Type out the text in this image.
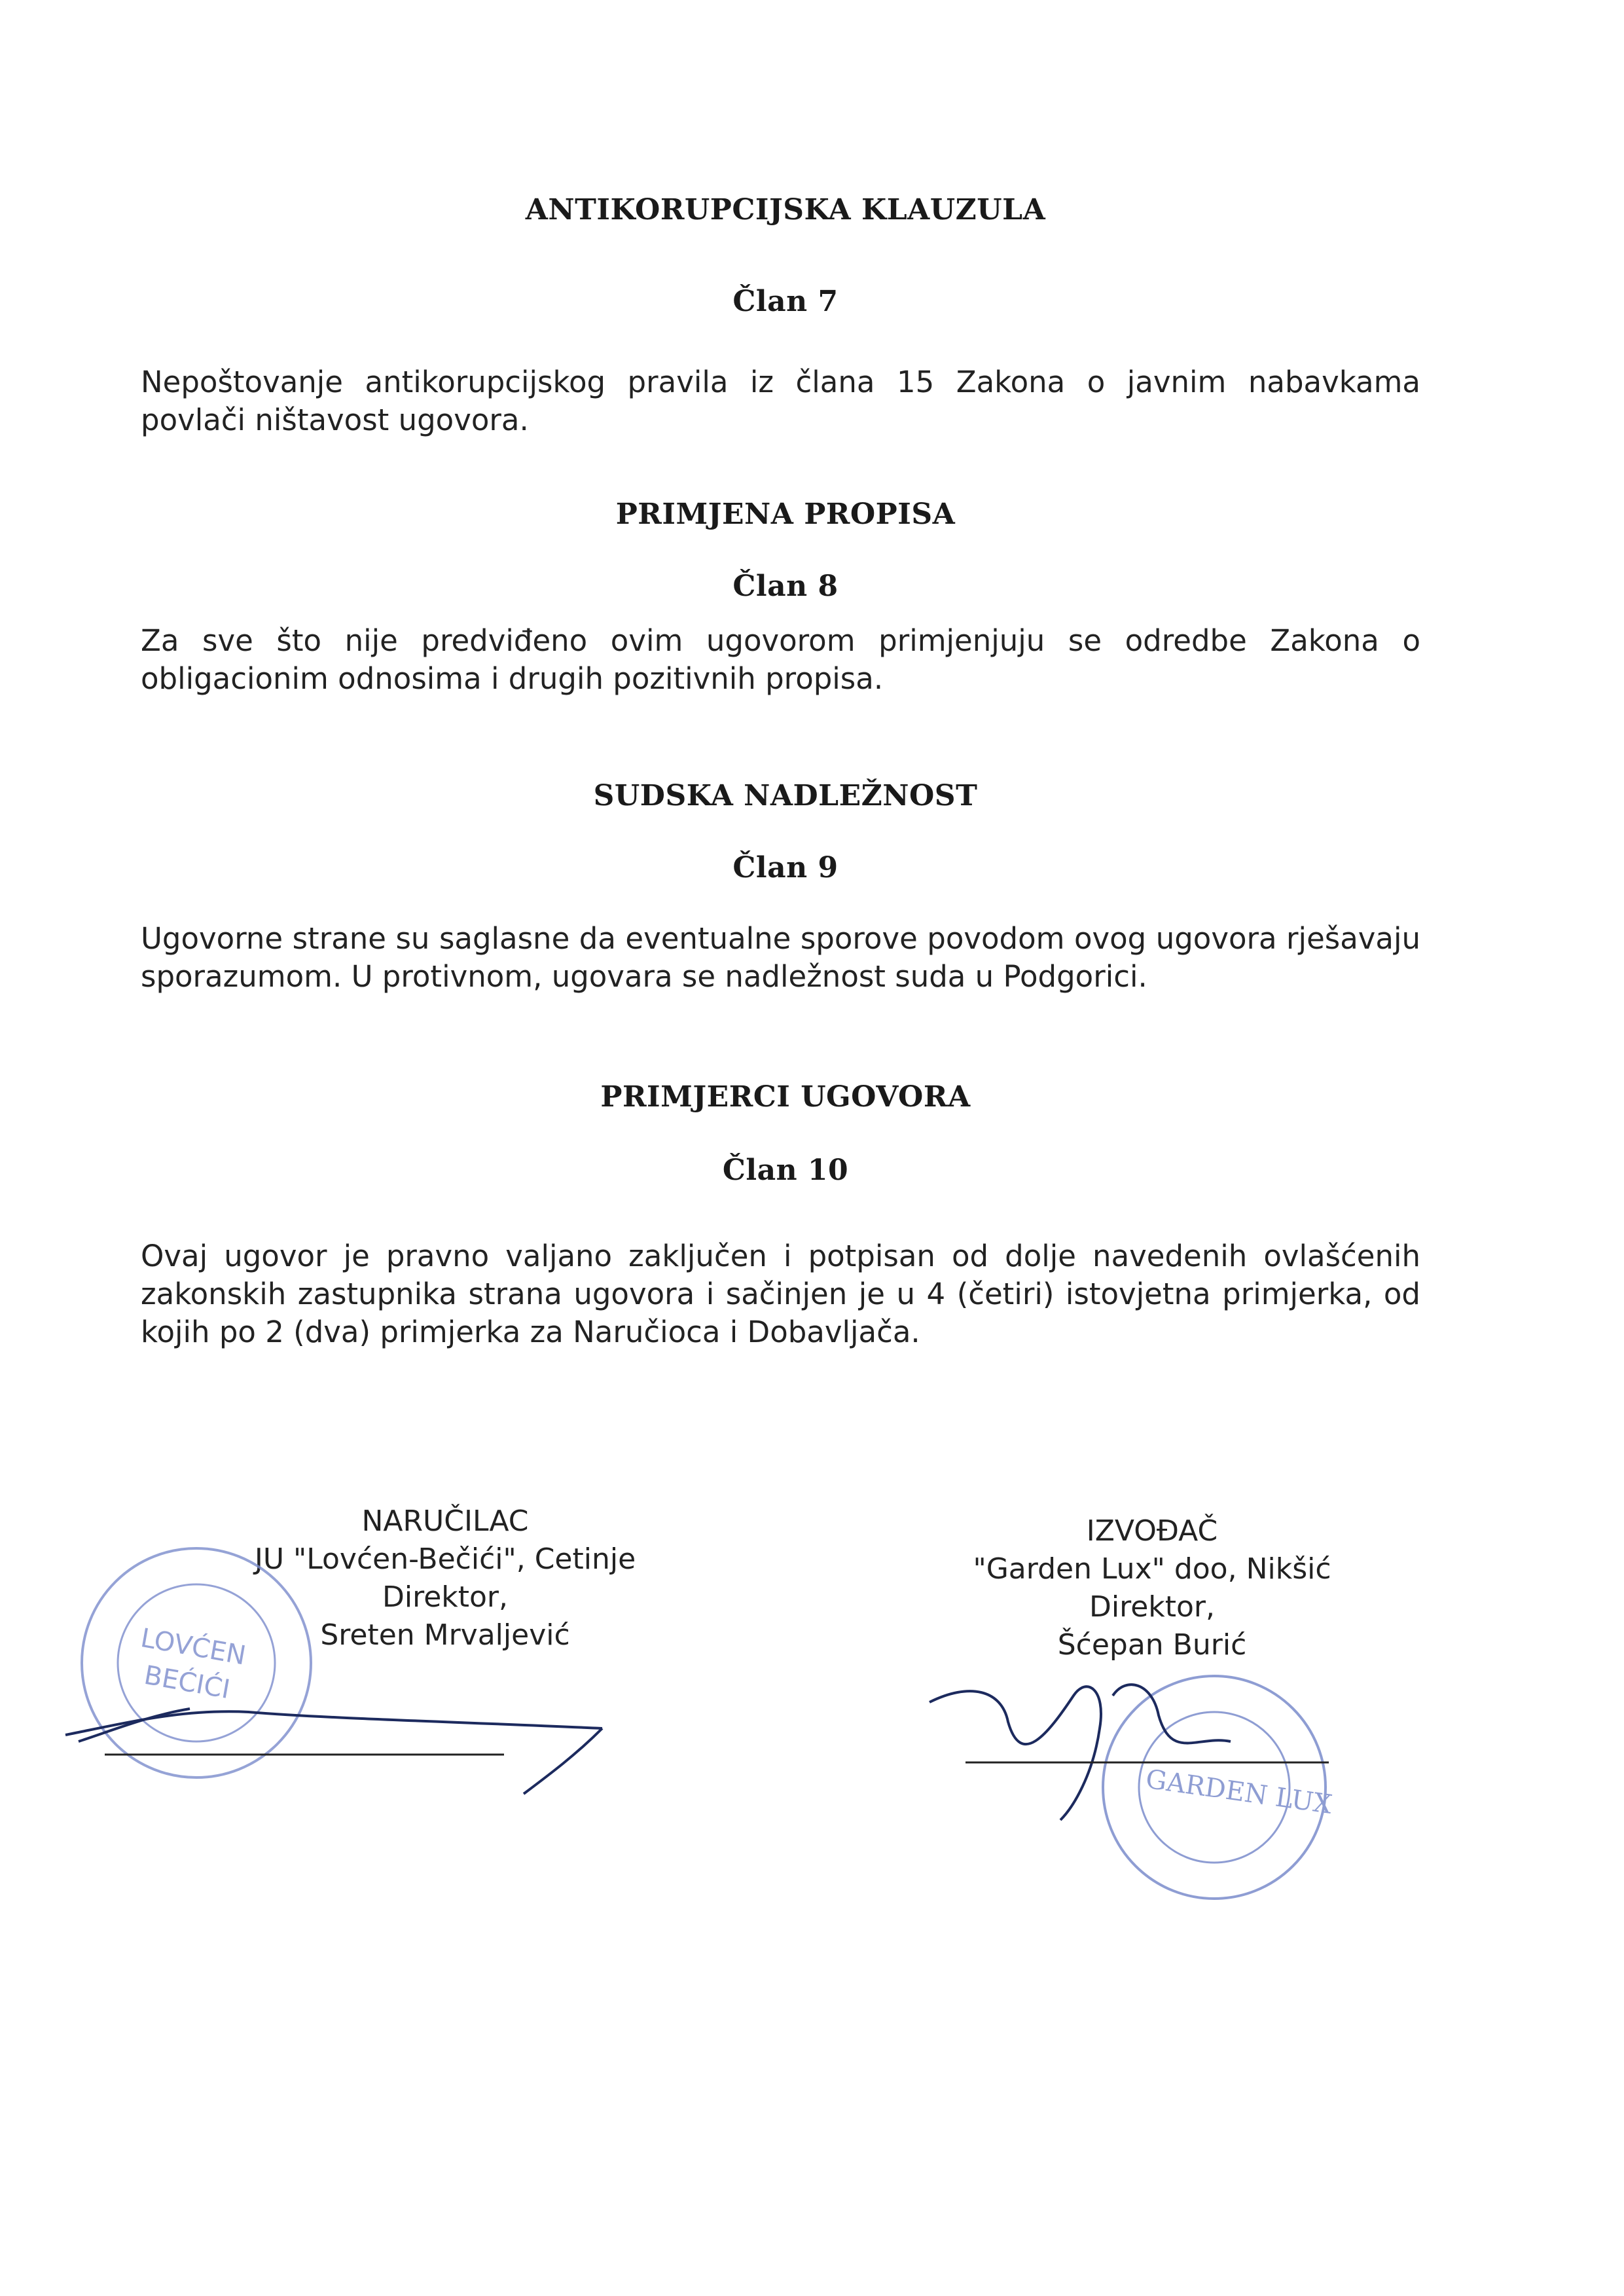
ANTIKORUPCIJSKA KLAUZULA
Član 7
Nepoštovanje antikorupcijskog pravila iz člana 15 Zakona o javnim nabavkama povlači ništavost ugovora.
PRIMJENA PROPISA
Član 8
Za sve što nije predviđeno ovim ugovorom primjenjuju se odredbe Zakona o obligacionim odnosima i drugih pozitivnih propisa.
SUDSKA NADLEŽNOST
Član 9
Ugovorne strane su saglasne da eventualne sporove povodom ovog ugovora rješavaju sporazumom. U protivnom, ugovara se nadležnost suda u Podgorici.
PRIMJERCI UGOVORA
Član 10
Ovaj ugovor je pravno valjano zaključen i potpisan od dolje navedenih ovlašćenih zakonskih zastupnika strana ugovora i sačinjen je u 4 (četiri) istovjetna primjerka, od kojih po 2 (dva) primjerka za Naručioca i Dobavljača.
NARUČILAC
JU "Lovćen-Bečići", Cetinje
Direktor,
Sreten Mrvaljević
IZVOĐAČ
"Garden Lux" doo, Nikšić
Direktor,
Šćepan Burić
LOVĆEN
BEĆIĆI
GARDEN LUX
